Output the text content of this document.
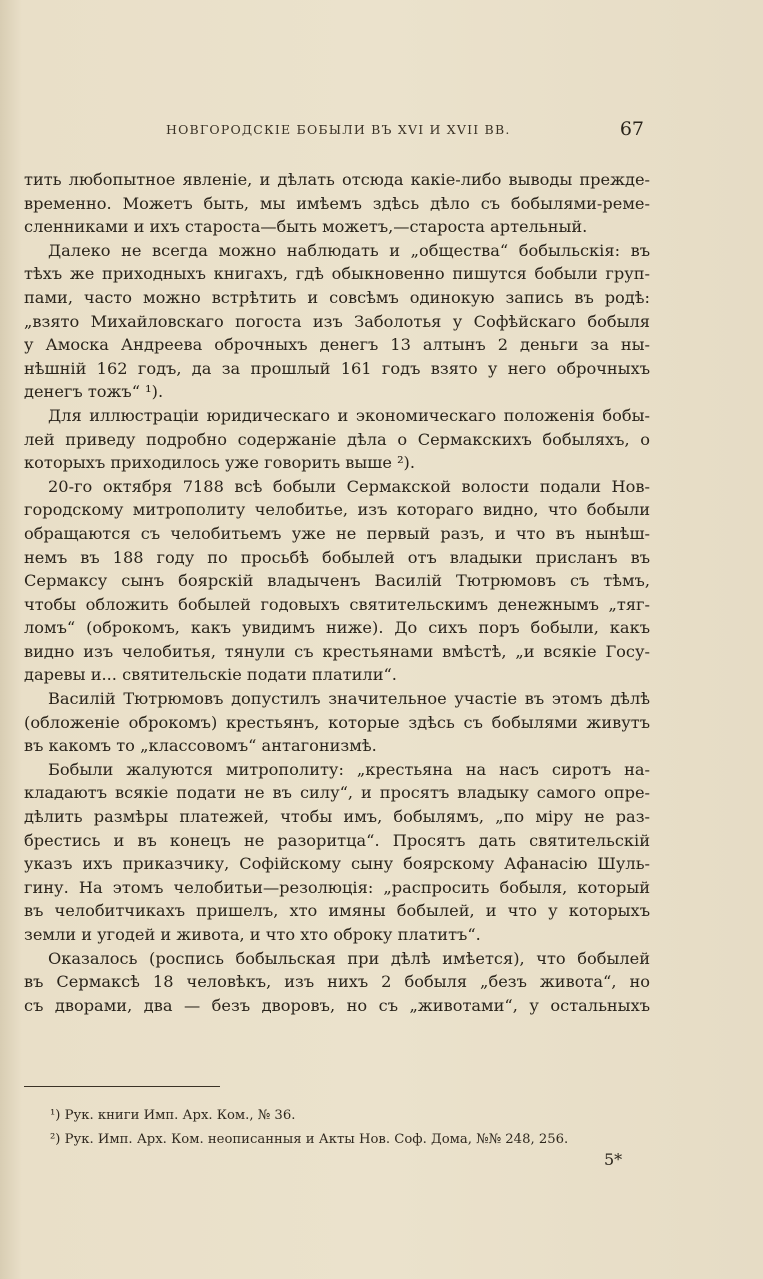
НОВГОРОДСКІЕ БОБЫЛИ ВЪ XVI И XVII ВВ.	67
тить любопытное явленіе, и дѣлать отсюда какіе-либо выводы преждe-
временно. Можетъ быть, мы имѣемъ здѣсь дѣло съ бобылями-реме-
сленниками и ихъ староста—быть можетъ,—староста артельный.
Далеко не всегда можно наблюдать и „общества“ бобыльскія: въ
тѣхъ же приходныхъ книгахъ, гдѣ обыкновенно пишутся бобыли груп-
пами, часто можно встрѣтить и совсѣмъ одинокую запись въ родѣ:
„взято Михайловскаго погоста изъ Заболотья у Софѣйскаго бобыля
у Амоска Андреева оброчныхъ денегъ 13 алтынъ 2 деньги за ны-
нѣшній 162 годъ, да за прошлый 161 годъ взято у него оброчныхъ
денегъ тожъ“ ¹).
Для иллюстраціи юридическаго и экономическаго положенія бобы-
лей приведу подробно содержаніе дѣла о Сермакскихъ бобыляхъ, о
которыхъ приходилось уже говорить выше ²).
20-го октября 7188 всѣ бобыли Сермакской волости подали Нов-
городскому митрополиту челобитье, изъ котораго видно, что бобыли
обращаются съ челобитьемъ уже не первый разъ, и что въ нынѣш-
немъ въ 188 году по просьбѣ бобылей отъ владыки присланъ въ
Сермаксу сынъ боярскій владыченъ Василій Тютрюмовъ съ тѣмъ,
чтобы обложить бобылей годовыхъ святительскимъ денежнымъ „тяг-
ломъ“ (оброкомъ, какъ увидимъ ниже). До сихъ поръ бобыли, какъ
видно изъ челобитья, тянули съ крестьянами вмѣстѣ, „и всякіе Госу-
даревы и... святительскіе подати платили“.
Василій Тютрюмовъ допустилъ значительное участіе въ этомъ дѣлѣ
(обложеніе оброкомъ) крестьянъ, которые здѣсь съ бобылями живутъ
въ какомъ то „классовомъ“ антагонизмѣ.
Бобыли жалуются митрополиту: „крестьяна на насъ сиротъ на-
кладаютъ всякіе подати не въ силу“, и просятъ владыку самого опре-
дѣлить размѣры платежей, чтобы имъ, бобылямъ, „по міру не раз-
брестись и въ конецъ не разоритца“. Просятъ дать святительскій
указъ ихъ приказчику, Софійскому сыну боярскому Афанасію Шуль-
гину. На этомъ челобитьи—резолюція: „распросить бобыля, который
въ челобитчикахъ пришелъ, хто имяны бобылей, и что у которыхъ
земли и угодей и живота, и что хто оброку платитъ“.
Оказалось (роспись бобыльская при дѣлѣ имѣется), что бобылей
въ Сермаксѣ 18 человѣкъ, изъ нихъ 2 бобыля „безъ живота“, но
съ дворами, два — безъ дворовъ, но съ „животами“, у остальныхъ
¹) Рук. книги Имп. Арх. Ком., № 36.
²) Рук. Имп. Арх. Ком. неописанныя и Акты Нов. Соф. Дома, №№ 248, 256.
5*
